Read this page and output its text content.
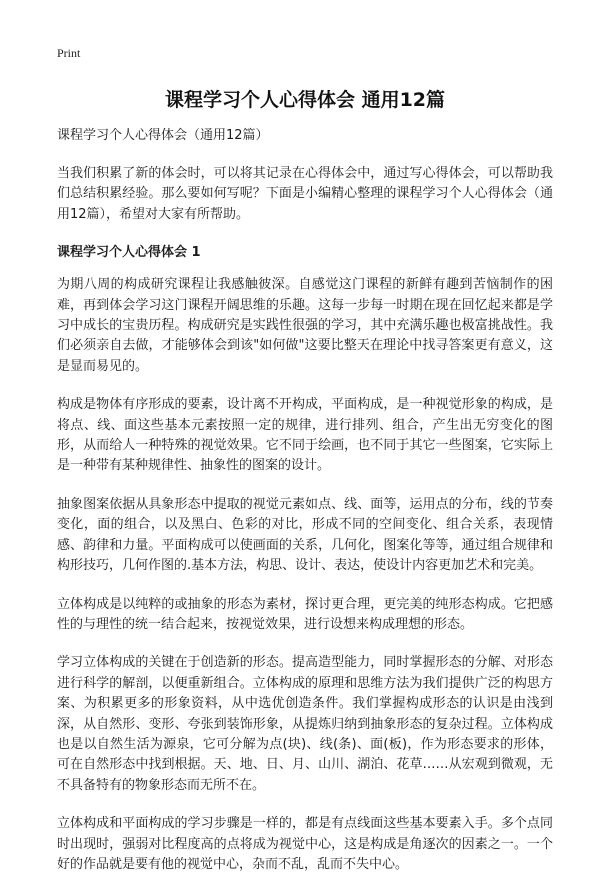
Print
课程学习个人心得体会 通用12篇
课程学习个人心得体会（通用12篇）

当我们积累了新的体会时，可以将其记录在心得体会中，通过写心得体会，可以帮助我们总结积累经验。那么要如何写呢？下面是小编精心整理的课程学习个人心得体会（通用12篇），希望对大家有所帮助。

课程学习个人心得体会 1

为期八周的构成研究课程让我感触彼深。自感觉这门课程的新鲜有趣到苦恼制作的困难，再到体会学习这门课程开阔思维的乐趣。这每一步每一时期在现在回忆起来都是学习中成长的宝贵历程。构成研究是实践性很强的学习，其中充满乐趣也极富挑战性。我们必须亲自去做，才能够体会到该"如何做"这要比整天在理论中找寻答案更有意义，这是显而易见的。

构成是物体有序形成的要素，设计离不开构成，平面构成，是一种视觉形象的构成，是将点、线、面这些基本元素按照一定的规律，进行排列、组合，产生出无穷变化的图形，从而给人一种特殊的视觉效果。它不同于绘画，也不同于其它一些图案，它实际上是一种带有某种规律性、抽象性的图案的设计。

抽象图案依据从具象形态中提取的视觉元素如点、线、面等，运用点的分布，线的节奏变化，面的组合，以及黑白、色彩的对比，形成不同的空间变化、组合关系，表现情感、韵律和力量。平面构成可以使画面的关系，几何化，图案化等等，通过组合规律和构形技巧，几何作图的.基本方法，构思、设计、表达，使设计内容更加艺术和完美。

立体构成是以纯粹的或抽象的形态为素材，探讨更合理，更完美的纯形态构成。它把感性的与理性的统一结合起来，按视觉效果，进行设想来构成理想的形态。

学习立体构成的关键在于创造新的形态。提高造型能力，同时掌握形态的分解、对形态进行科学的解剖，以便重新组合。立体构成的原理和思维方法为我们提供广泛的构思方案、为积累更多的形象资料，从中选优创造条件。我们掌握构成形态的认识是由浅到深，从自然形、变形、夸张到装饰形象，从提炼归纳到抽象形态的复杂过程。立体构成也是以自然生活为源泉，它可分解为点(块)、线(条)、面(板)，作为形态要求的形体，可在自然形态中找到根据。天、地、日、月、山川、湖泊、花草……从宏观到微观，无不具备特有的物象形态而无所不在。

立体构成和平面构成的学习步骤是一样的，都是有点线面这些基本要素入手。多个点同时出现时，强弱对比程度高的点将成为视觉中心，这是构成是角逐次的因素之一。一个好的作品就是要有他的视觉中心，杂而不乱，乱而不失中心。
